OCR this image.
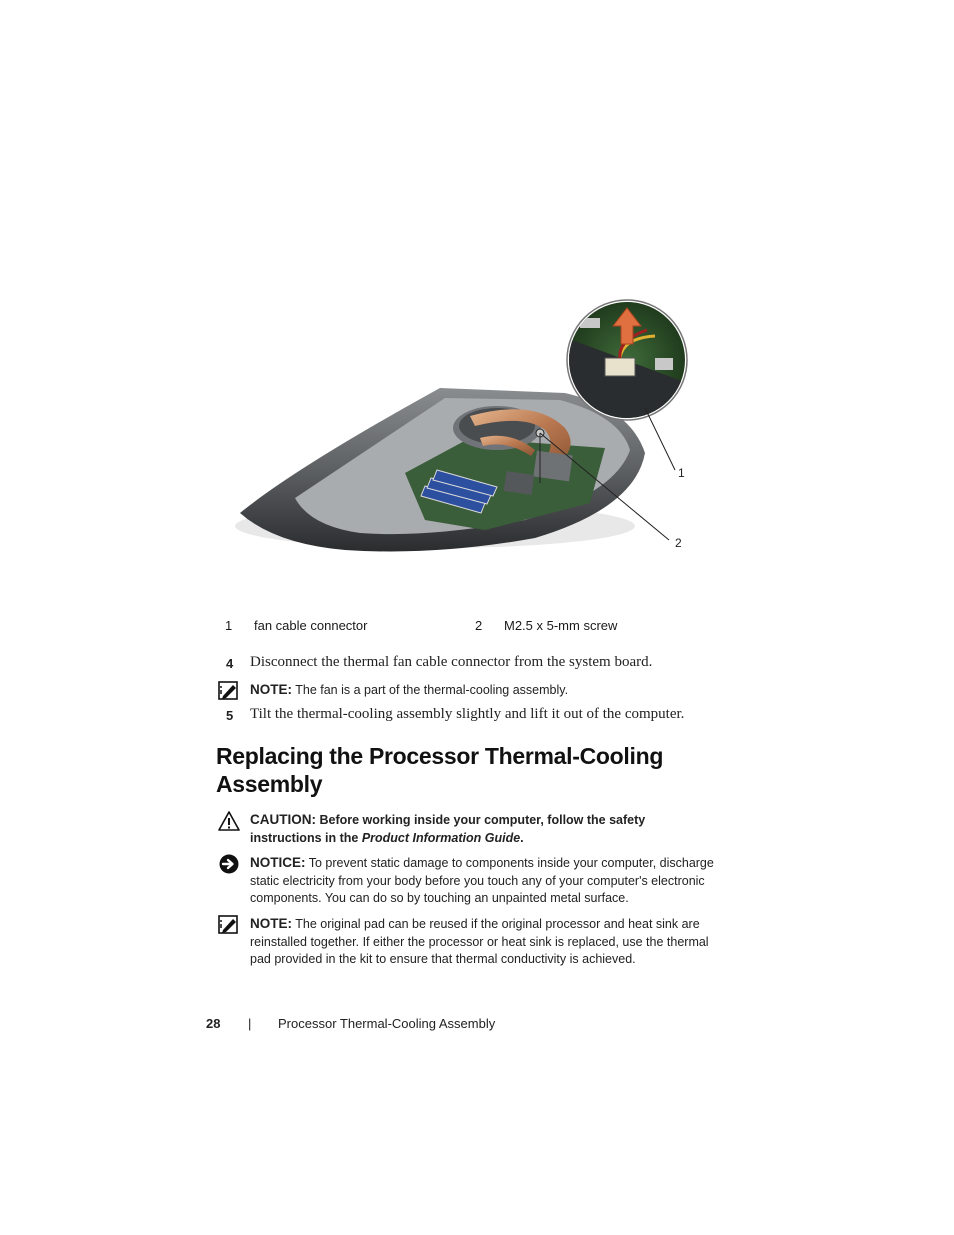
1
2
1 fan cable connector	2 M2.5 x 5-mm screw
4 Disconnect the thermal fan cable connector from the system board.
NOTE: The fan is a part of the thermal-cooling assembly.
5 Tilt the thermal-cooling assembly slightly and lift it out of the computer.
Replacing the Processor Thermal-Cooling Assembly
CAUTION: Before working inside your computer, follow the safety instructions in the Product Information Guide.
NOTICE: To prevent static damage to components inside your computer, discharge static electricity from your body before you touch any of your computer's electronic components. You can do so by touching an unpainted metal surface.
NOTE: The original pad can be reused if the original processor and heat sink are reinstalled together. If either the processor or heat sink is replaced, use the thermal pad provided in the kit to ensure that thermal conductivity is achieved.
28 | Processor Thermal-Cooling Assembly
